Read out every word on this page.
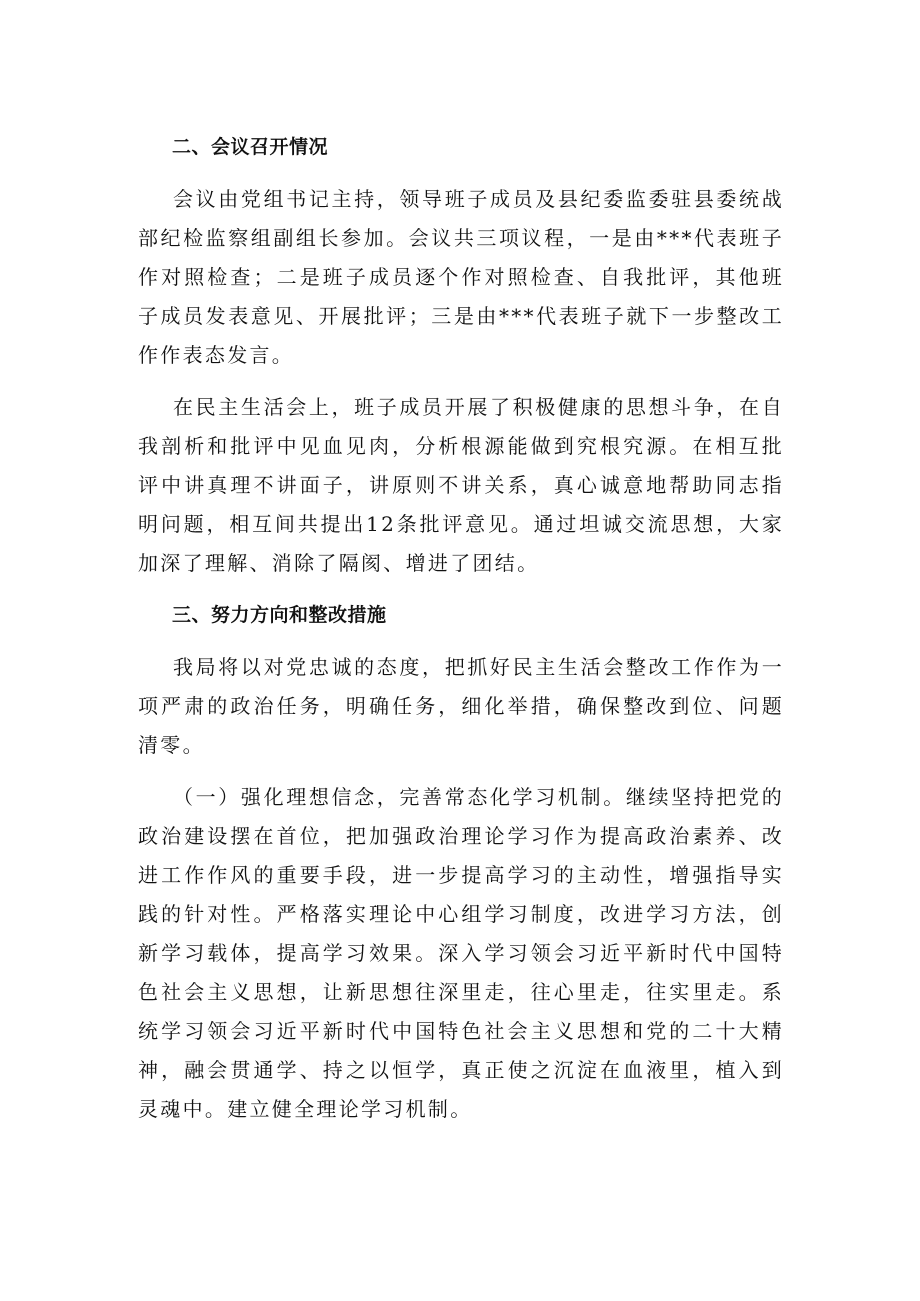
二、会议召开情况

会议由党组书记主持，领导班子成员及县纪委监委驻县委统战部纪检监察组副组长参加。会议共三项议程，一是由***代表班子作对照检查；二是班子成员逐个作对照检查、自我批评，其他班子成员发表意见、开展批评；三是由***代表班子就下一步整改工作作表态发言。

在民主生活会上，班子成员开展了积极健康的思想斗争，在自我剖析和批评中见血见肉，分析根源能做到究根究源。在相互批评中讲真理不讲面子，讲原则不讲关系，真心诚意地帮助同志指明问题，相互间共提出12条批评意见。通过坦诚交流思想，大家加深了理解、消除了隔阂、增进了团结。

三、努力方向和整改措施

我局将以对党忠诚的态度，把抓好民主生活会整改工作作为一项严肃的政治任务，明确任务，细化举措，确保整改到位、问题清零。

（一）强化理想信念，完善常态化学习机制。继续坚持把党的政治建设摆在首位，把加强政治理论学习作为提高政治素养、改进工作作风的重要手段，进一步提高学习的主动性，增强指导实践的针对性。严格落实理论中心组学习制度，改进学习方法，创新学习载体，提高学习效果。深入学习领会习近平新时代中国特色社会主义思想，让新思想往深里走，往心里走，往实里走。系统学习领会习近平新时代中国特色社会主义思想和党的二十大精神，融会贯通学、持之以恒学，真正使之沉淀在血液里，植入到灵魂中。建立健全理论学习机制。
